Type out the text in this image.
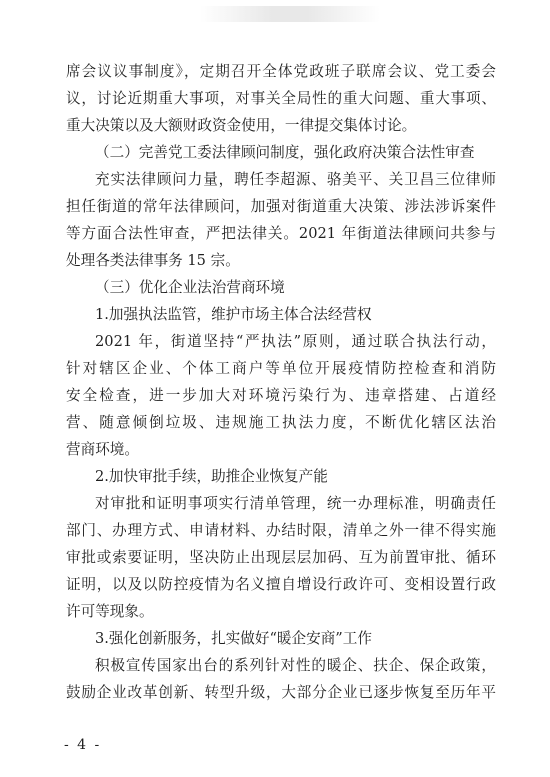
席会议议事制度》，定期召开全体党政班子联席会议、党工委会
议，讨论近期重大事项，对事关全局性的重大问题、重大事项、
重大决策以及大额财政资金使用，一律提交集体讨论。
（二）完善党工委法律顾问制度，强化政府决策合法性审查
充实法律顾问力量，聘任李超源、骆美平、关卫昌三位律师
担任街道的常年法律顾问，加强对街道重大决策、涉法涉诉案件
等方面合法性审查，严把法律关。2021 年街道法律顾问共参与
处理各类法律事务 15 宗。
（三）优化企业法治营商环境
1.加强执法监管，维护市场主体合法经营权
2021 年，街道坚持“严执法”原则，通过联合执法行动，
针对辖区企业、个体工商户等单位开展疫情防控检查和消防
安全检查，进一步加大对环境污染行为、违章搭建、占道经
营、随意倾倒垃圾、违规施工执法力度，不断优化辖区法治
营商环境。
2.加快审批手续，助推企业恢复产能
对审批和证明事项实行清单管理，统一办理标准，明确责任
部门、办理方式、申请材料、办结时限，清单之外一律不得实施
审批或索要证明，坚决防止出现层层加码、互为前置审批、循环
证明，以及以防控疫情为名义擅自增设行政许可、变相设置行政
许可等现象。
3.强化创新服务，扎实做好“暖企安商”工作
积极宣传国家出台的系列针对性的暖企、扶企、保企政策，
鼓励企业改革创新、转型升级，大部分企业已逐步恢复至历年平
- 4 -
